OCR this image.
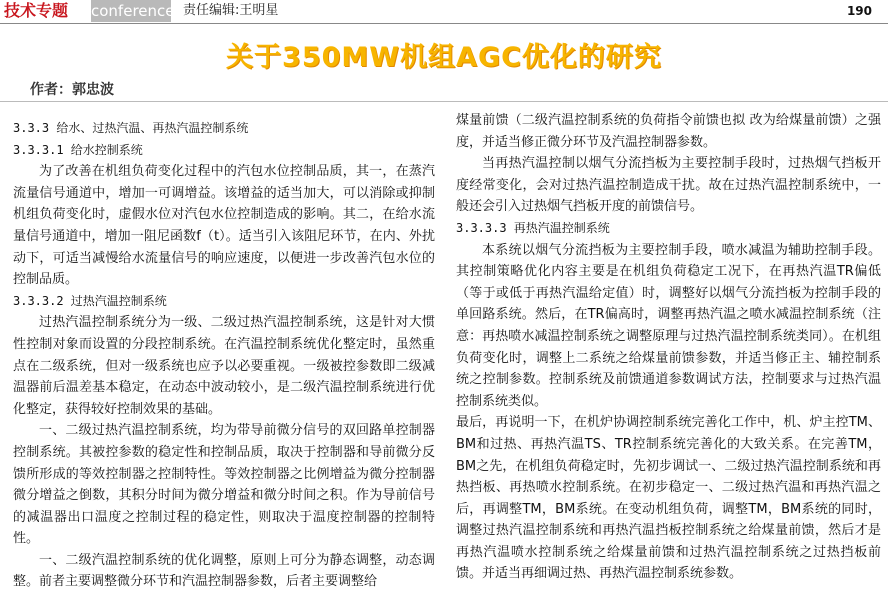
技术专题	conference 责任编辑:王明星	190
关于350MW机组AGC优化的研究
作者：郭忠波
3.3.3 给水、过热汽温、再热汽温控制系统
3.3.3.1 给水控制系统
为了改善在机组负荷变化过程中的汽包水位控制品质，其一，在蒸汽流量信号通道中，增加一可调增益。该增益的适当加大，可以消除或抑制机组负荷变化时，虚假水位对汽包水位控制造成的影响。其二，在给水流量信号通道中，增加一阻尼函数f（t）。适当引入该阻尼环节，在内、外扰动下，可适当减慢给水流量信号的响应速度，以便进一步改善汽包水位的控制品质。
3.3.3.2 过热汽温控制系统
过热汽温控制系统分为一级、二级过热汽温控制系统，这是针对大惯性控制对象而设置的分段控制系统。在汽温控制系统优化整定时，虽然重点在二级系统，但对一级系统也应予以必要重视。一级被控参数即二级减温器前后温差基本稳定，在动态中波动较小，是二级汽温控制系统进行优化整定，获得较好控制效果的基础。
一、二级过热汽温控制系统，均为带导前微分信号的双回路单控制器控制系统。其被控参数的稳定性和控制品质，取决于控制器和导前微分反馈所形成的等效控制器之控制特性。等效控制器之比例增益为微分控制器微分增益之倒数，其积分时间为微分增益和微分时间之积。作为导前信号的减温器出口温度之控制过程的稳定性，则取决于温度控制器的控制特性。
一、二级汽温控制系统的优化调整，原则上可分为静态调整，动态调整。前者主要调整微分环节和汽温控制器参数，后者主要调整给
煤量前馈（二级汽温控制系统的负荷指令前馈也拟 改为给煤量前馈）之强度，并适当修正微分环节及汽温控制器参数。
当再热汽温控制以烟气分流挡板为主要控制手段时，过热烟气挡板开度经常变化，会对过热汽温控制造成干扰。故在过热汽温控制系统中，一般还会引入过热烟气挡板开度的前馈信号。
3.3.3.3 再热汽温控制系统
本系统以烟气分流挡板为主要控制手段，喷水减温为辅助控制手段。其控制策略优化内容主要是在机组负荷稳定工况下，在再热汽温TR偏低（等于或低于再热汽温给定值）时，调整好以烟气分流挡板为控制手段的单回路系统。然后，在TR偏高时，调整再热汽温之喷水减温控制系统（注意：再热喷水减温控制系统之调整原理与过热汽温控制系统类同）。在机组负荷变化时，调整上二系统之给煤量前馈参数，并适当修正主、辅控制系统之控制参数。控制系统及前馈通道参数调试方法，控制要求与过热汽温控制系统类似。
最后，再说明一下，在机炉协调控制系统完善化工作中，机、炉主控TM、BM和过热、再热汽温TS、TR控制系统完善化的大致关系。在完善TM，BM之先，在机组负荷稳定时，先初步调试一、二级过热汽温控制系统和再热挡板、再热喷水控制系统。在初步稳定一、二级过热汽温和再热汽温之后，再调整TM，BM系统。在变动机组负荷，调整TM，BM系统的同时，调整过热汽温控制系统和再热汽温挡板控制系统之给煤量前馈，然后才是再热汽温喷水控制系统之给煤量前馈和过热汽温控制系统之过热挡板前馈。并适当再细调过热、再热汽温控制系统参数。
